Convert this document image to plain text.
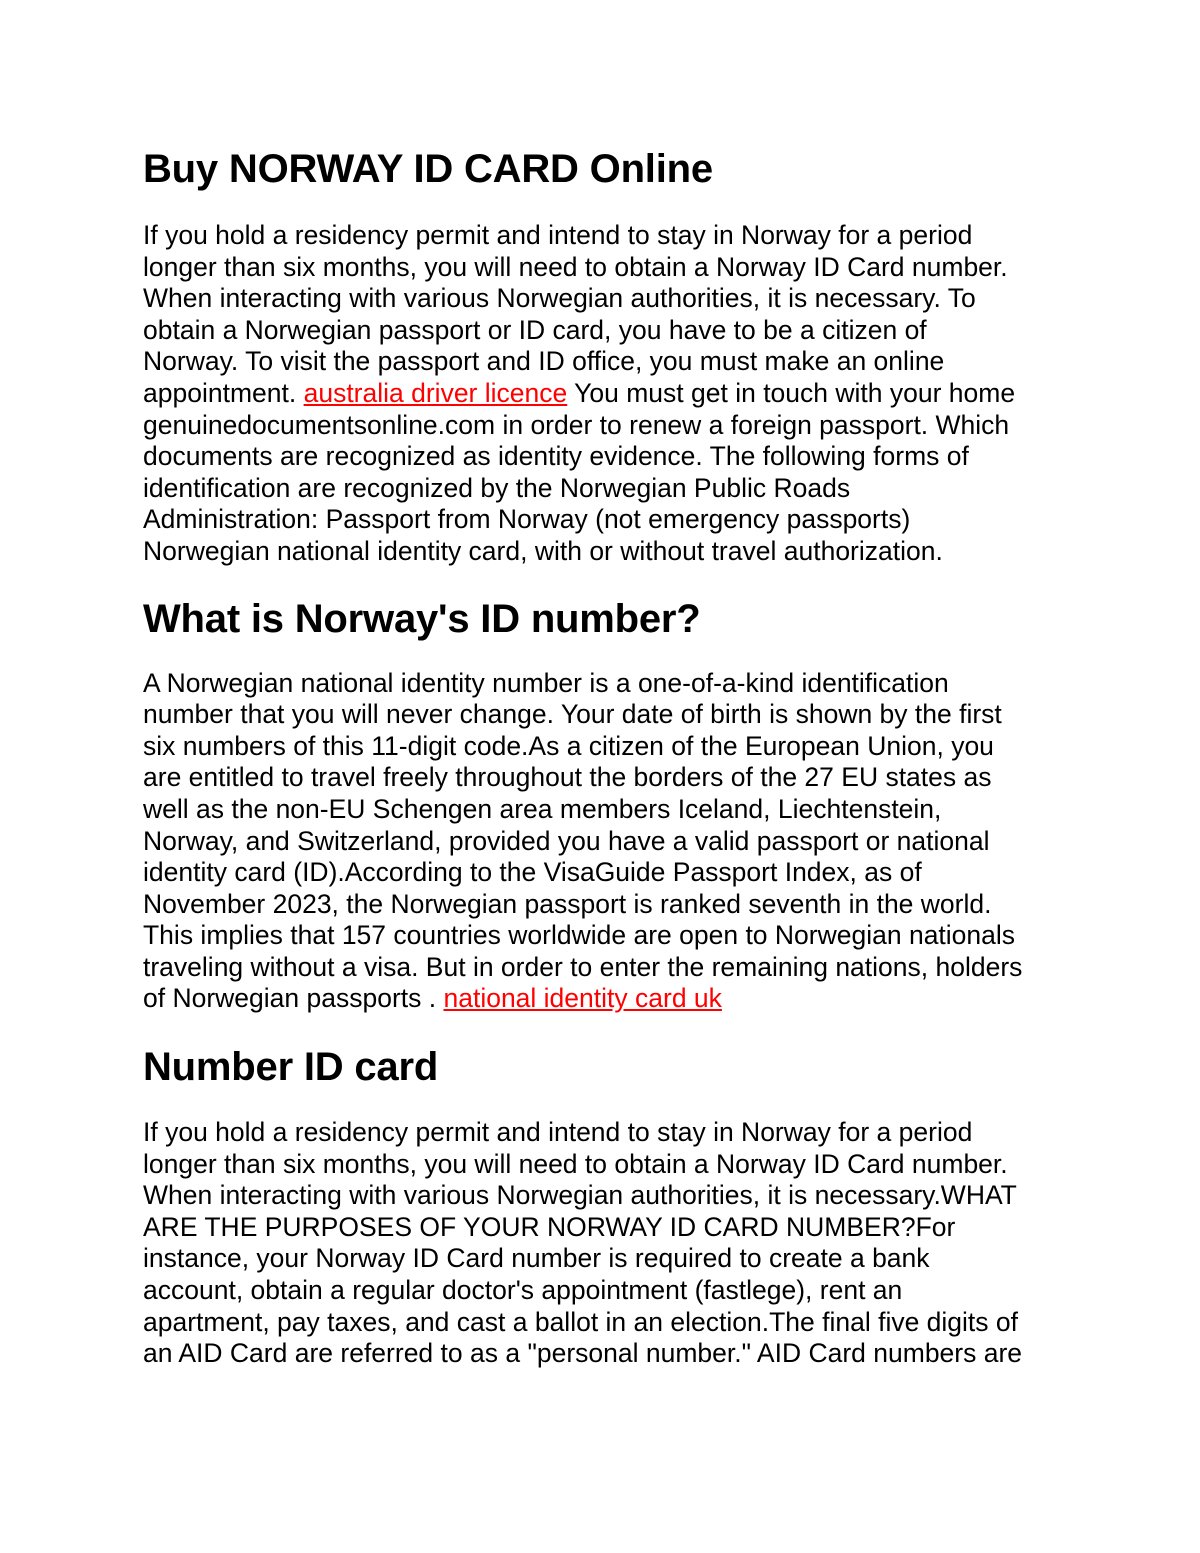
Buy NORWAY ID CARD Online

If you hold a residency permit and intend to stay in Norway for a period
longer than six months, you will need to obtain a Norway ID Card number.
When interacting with various Norwegian authorities, it is necessary. To
obtain a Norwegian passport or ID card, you have to be a citizen of
Norway. To visit the passport and ID office, you must make an online
appointment. australia driver licence You must get in touch with your home
genuinedocumentsonline.com in order to renew a foreign passport. Which
documents are recognized as identity evidence. The following forms of
identification are recognized by the Norwegian Public Roads
Administration: Passport from Norway (not emergency passports)
Norwegian national identity card, with or without travel authorization.

What is Norway's ID number?

A Norwegian national identity number is a one-of-a-kind identification
number that you will never change. Your date of birth is shown by the first
six numbers of this 11-digit code.As a citizen of the European Union, you
are entitled to travel freely throughout the borders of the 27 EU states as
well as the non-EU Schengen area members Iceland, Liechtenstein,
Norway, and Switzerland, provided you have a valid passport or national
identity card (ID).According to the VisaGuide Passport Index, as of
November 2023, the Norwegian passport is ranked seventh in the world.
This implies that 157 countries worldwide are open to Norwegian nationals
traveling without a visa. But in order to enter the remaining nations, holders
of Norwegian passports . national identity card uk

Number ID card

If you hold a residency permit and intend to stay in Norway for a period
longer than six months, you will need to obtain a Norway ID Card number.
When interacting with various Norwegian authorities, it is necessary.WHAT
ARE THE PURPOSES OF YOUR NORWAY ID CARD NUMBER?For
instance, your Norway ID Card number is required to create a bank
account, obtain a regular doctor's appointment (fastlege), rent an
apartment, pay taxes, and cast a ballot in an election.The final five digits of
an AID Card are referred to as a "personal number." AID Card numbers are
